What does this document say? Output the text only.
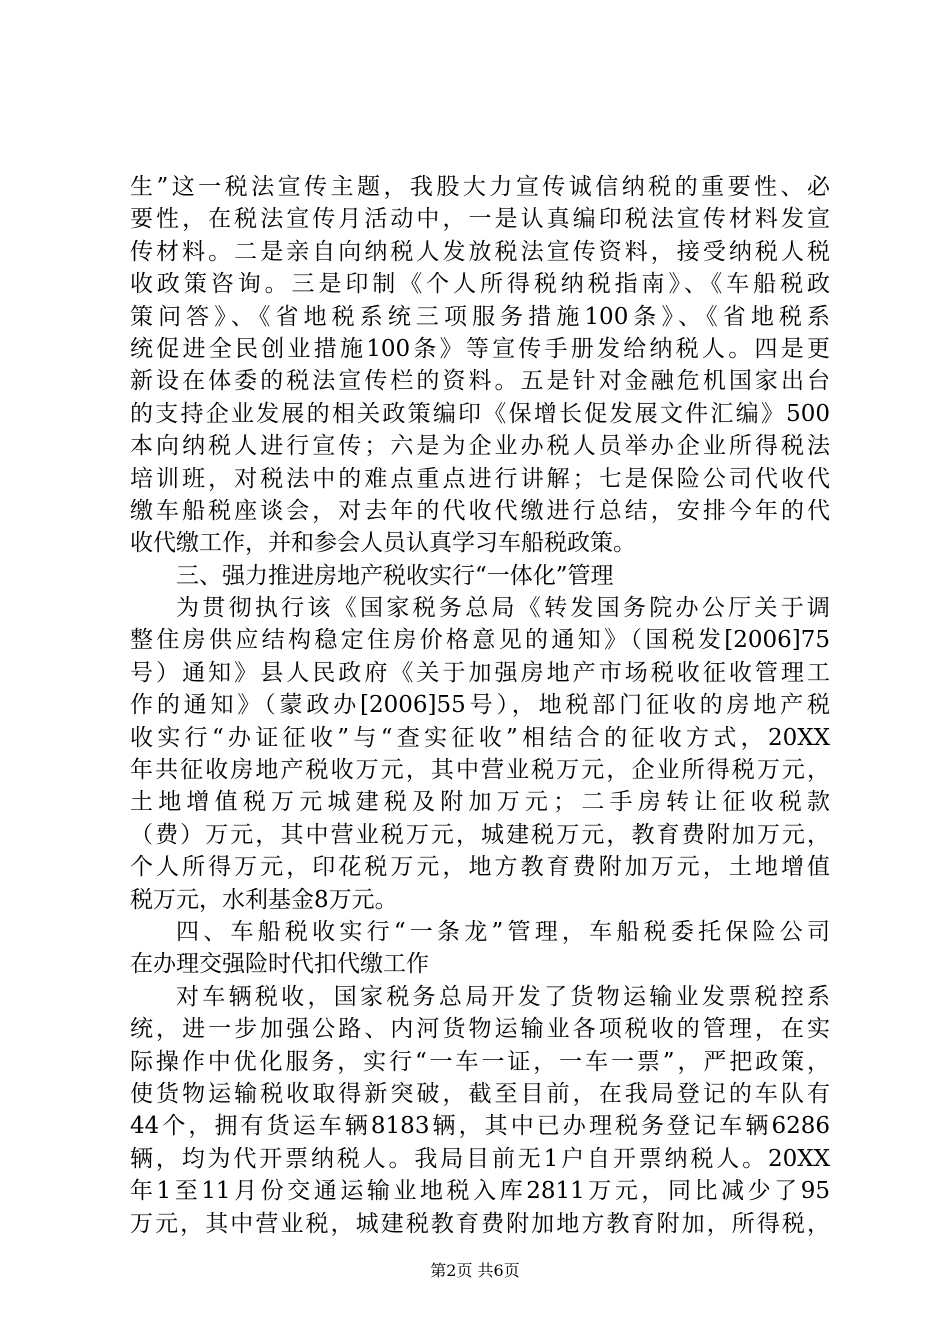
生”这一税法宣传主题，我股大力宣传诚信纳税的重要性、必
要性，在税法宣传月活动中，一是认真编印税法宣传材料发宣
传材料。二是亲自向纳税人发放税法宣传资料，接受纳税人税
收政策咨询。三是印制《个人所得税纳税指南》、《车船税政
策问答》、《省地税系统三项服务措施100条》、《省地税系
统促进全民创业措施100条》等宣传手册发给纳税人。四是更
新设在体委的税法宣传栏的资料。五是针对金融危机国家出台
的支持企业发展的相关政策编印《保增长促发展文件汇编》500
本向纳税人进行宣传；六是为企业办税人员举办企业所得税法
培训班，对税法中的难点重点进行讲解；七是保险公司代收代
缴车船税座谈会，对去年的代收代缴进行总结，安排今年的代
收代缴工作，并和参会人员认真学习车船税政策。
三、强力推进房地产税收实行“一体化”管理
为贯彻执行该《国家税务总局《转发国务院办公厅关于调
整住房供应结构稳定住房价格意见的通知》（国税发[2006]75
号）通知》县人民政府《关于加强房地产市场税收征收管理工
作的通知》（蒙政办[2006]55号），地税部门征收的房地产税
收实行“办证征收”与“查实征收”相结合的征收方式，20XX
年共征收房地产税收万元，其中营业税万元，企业所得税万元，
土地增值税万元城建税及附加万元；二手房转让征收税款
（费）万元，其中营业税万元，城建税万元，教育费附加万元，
个人所得万元，印花税万元，地方教育费附加万元，土地增值
税万元，水利基金8万元。
四、车船税收实行“一条龙”管理，车船税委托保险公司
在办理交强险时代扣代缴工作
对车辆税收，国家税务总局开发了货物运输业发票税控系
统，进一步加强公路、内河货物运输业各项税收的管理，在实
际操作中优化服务，实行“一车一证，一车一票”，严把政策，
使货物运输税收取得新突破，截至目前，在我局登记的车队有
44个，拥有货运车辆8183辆，其中已办理税务登记车辆6286
辆，均为代开票纳税人。我局目前无1户自开票纳税人。20XX
年1至11月份交通运输业地税入库2811万元，同比减少了95
万元，其中营业税，城建税教育费附加地方教育附加，所得税，
第2页 共6页
